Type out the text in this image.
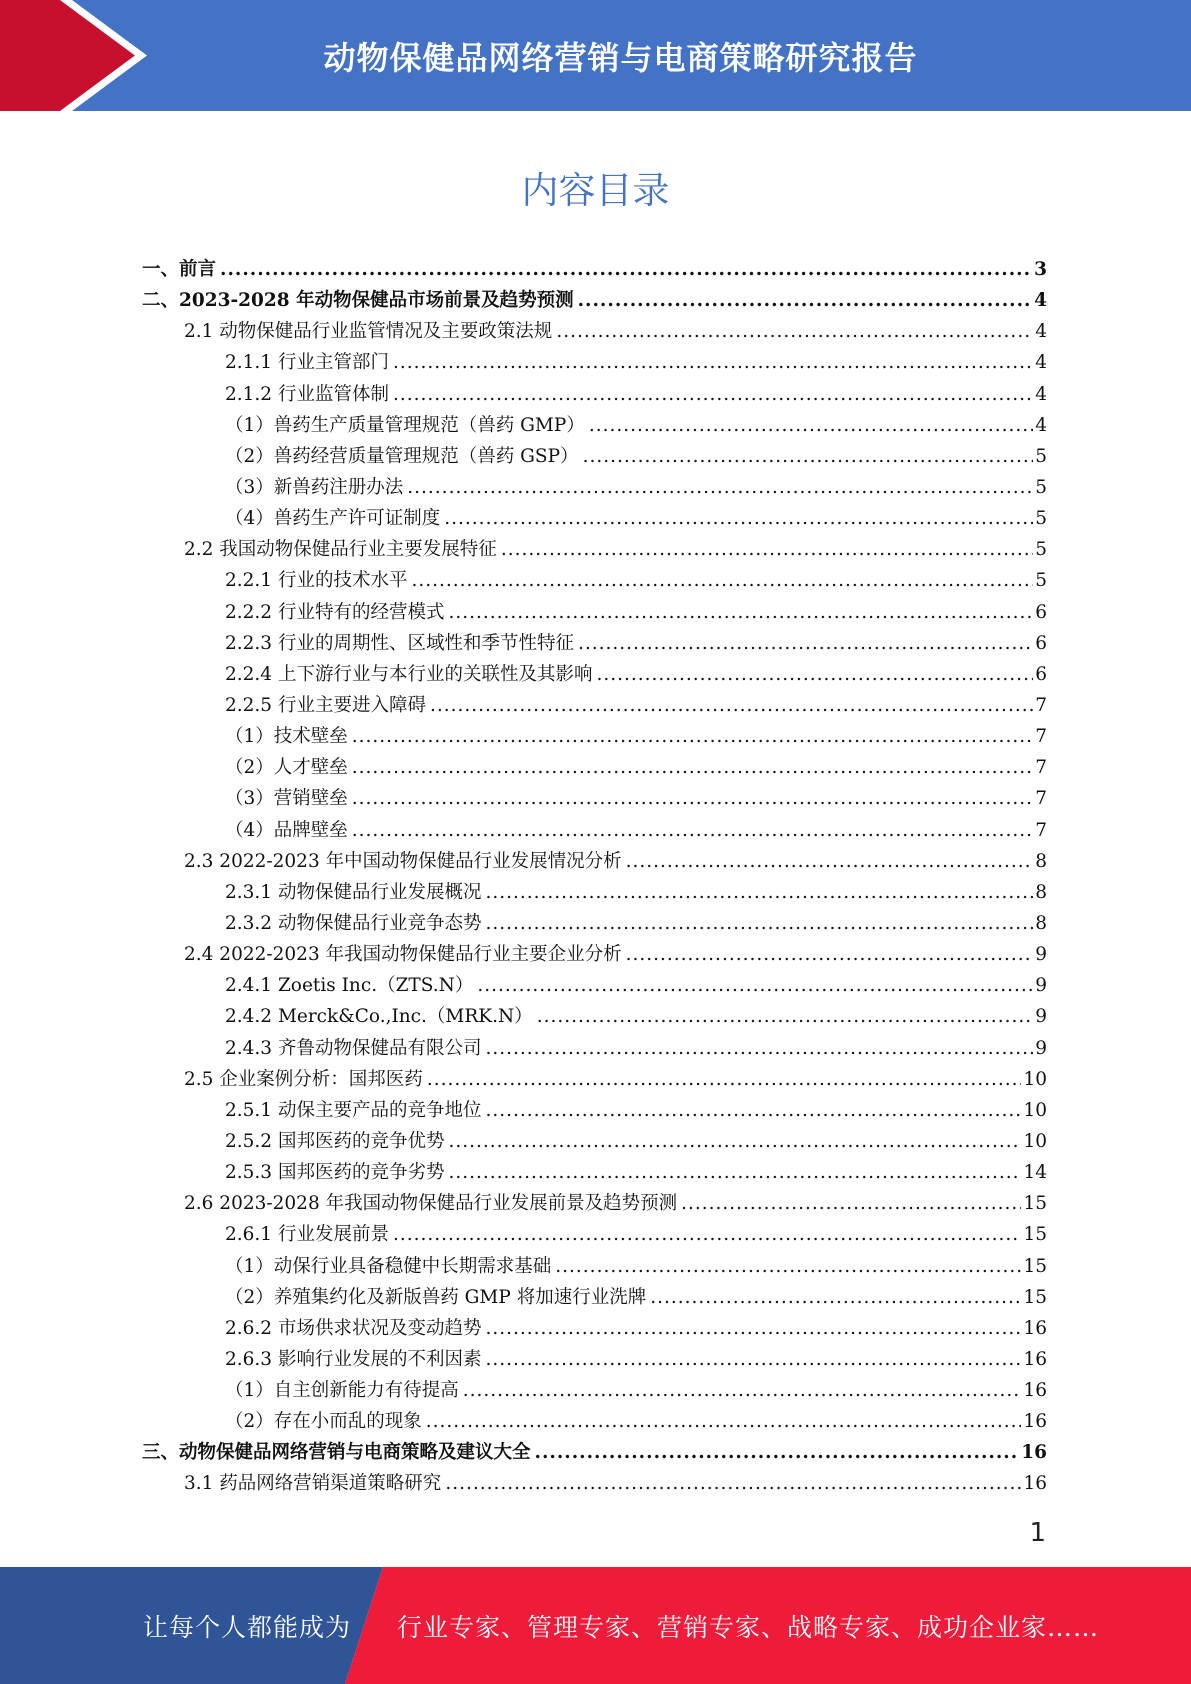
动物保健品网络营销与电商策略研究报告
内容目录
一、前言 .....	3
二、2023-2028 年动物保健品市场前景及趋势预测 .....	4
2.1 动物保健品行业监管情况及主要政策法规 .....	4
2.1.1 行业主管部门 .....	4
2.1.2 行业监管体制 .....	4
（1）兽药生产质量管理规范（兽药 GMP） .....	4
（2）兽药经营质量管理规范（兽药 GSP） .....	5
（3）新兽药注册办法 .....	5
（4）兽药生产许可证制度 .....	5
2.2 我国动物保健品行业主要发展特征 .....	5
2.2.1 行业的技术水平 .....	5
2.2.2 行业特有的经营模式 .....	6
2.2.3 行业的周期性、区域性和季节性特征 .....	6
2.2.4 上下游行业与本行业的关联性及其影响 .....	6
2.2.5 行业主要进入障碍 .....	7
（1）技术壁垒 .....	7
（2）人才壁垒 .....	7
（3）营销壁垒 .....	7
（4）品牌壁垒 .....	7
2.3 2022-2023 年中国动物保健品行业发展情况分析 .....	8
2.3.1 动物保健品行业发展概况 .....	8
2.3.2 动物保健品行业竞争态势 .....	8
2.4 2022-2023 年我国动物保健品行业主要企业分析 .....	9
2.4.1 Zoetis Inc.（ZTS.N） .....	9
2.4.2 Merck&Co.,Inc.（MRK.N） .....	9
2.4.3 齐鲁动物保健品有限公司 .....	9
2.5 企业案例分析：国邦医药 .....	10
2.5.1 动保主要产品的竞争地位 .....	10
2.5.2 国邦医药的竞争优势 .....	10
2.5.3 国邦医药的竞争劣势 .....	14
2.6 2023-2028 年我国动物保健品行业发展前景及趋势预测 .....	15
2.6.1 行业发展前景 .....	15
（1）动保行业具备稳健中长期需求基础 .....	15
（2）养殖集约化及新版兽药 GMP 将加速行业洗牌 .....	15
2.6.2 市场供求状况及变动趋势 .....	16
2.6.3 影响行业发展的不利因素 .....	16
（1）自主创新能力有待提高 .....	16
（2）存在小而乱的现象 .....	16
三、动物保健品网络营销与电商策略及建议大全 .....	16
3.1 药品网络营销渠道策略研究 .....	16
1
让每个人都能成为 行业专家、管理专家、营销专家、战略专家、成功企业家……
